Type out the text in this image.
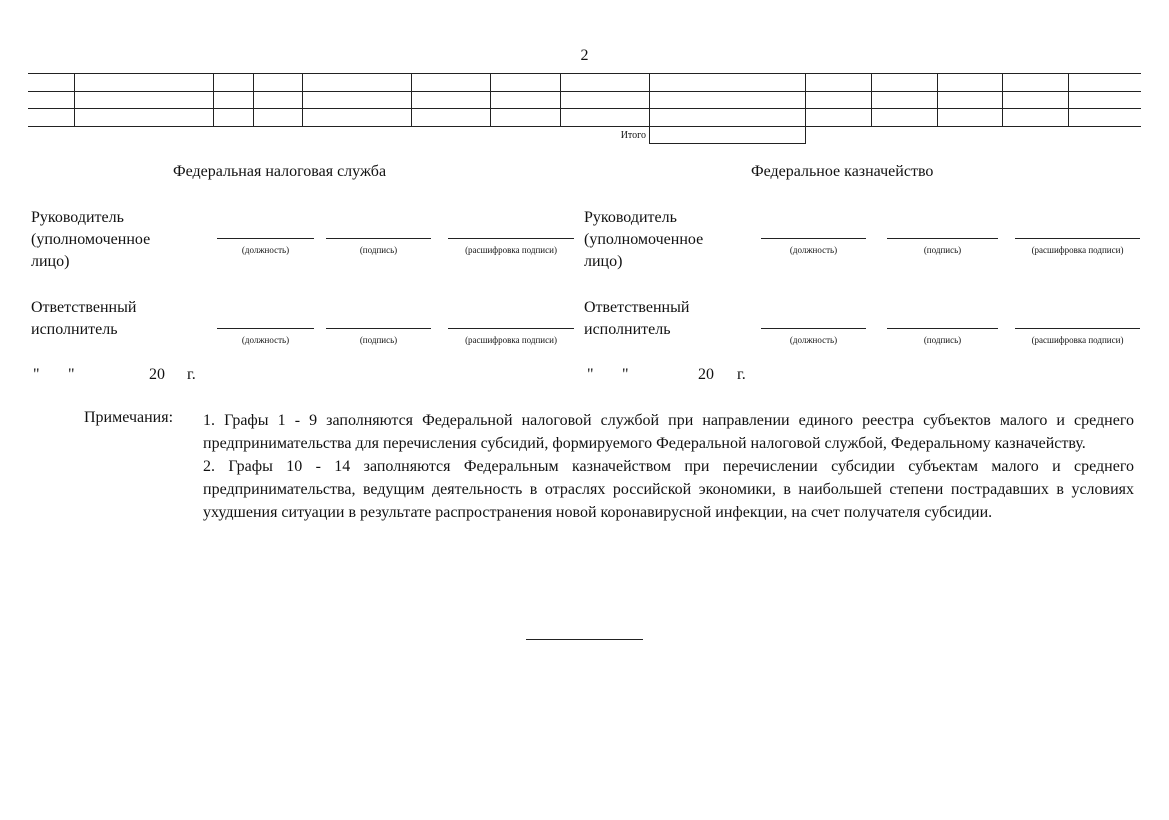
2
Итого
Федеральная налоговая служба
Руководитель
(уполномоченное
лицо)
(должность)	(подпись)	(расшифровка подписи)
Ответственный
исполнитель
(должность)	(подпись)	(расшифровка подписи)
" "	20 г.
Федеральное казначейство
Руководитель
(уполномоченное
лицо)
(должность)	(подпись)	(расшифровка подписи)
Ответственный
исполнитель
(должность)	(подпись)	(расшифровка подписи)
" "	20 г.
Примечания: 1. Графы 1 - 9 заполняются Федеральной налоговой службой при направлении единого реестра субъектов малого и среднего предпринимательства для перечисления субсидий, формируемого Федеральной налоговой службой, Федеральному казначейству.

2. Графы 10 - 14 заполняются Федеральным казначейством при перечислении субсидии субъектам малого и среднего предпринимательства, ведущим деятельность в отраслях российской экономики, в наибольшей степени пострадавших в условиях ухудшения ситуации в результате распространения новой коронавирусной инфекции, на счет получателя субсидии.
